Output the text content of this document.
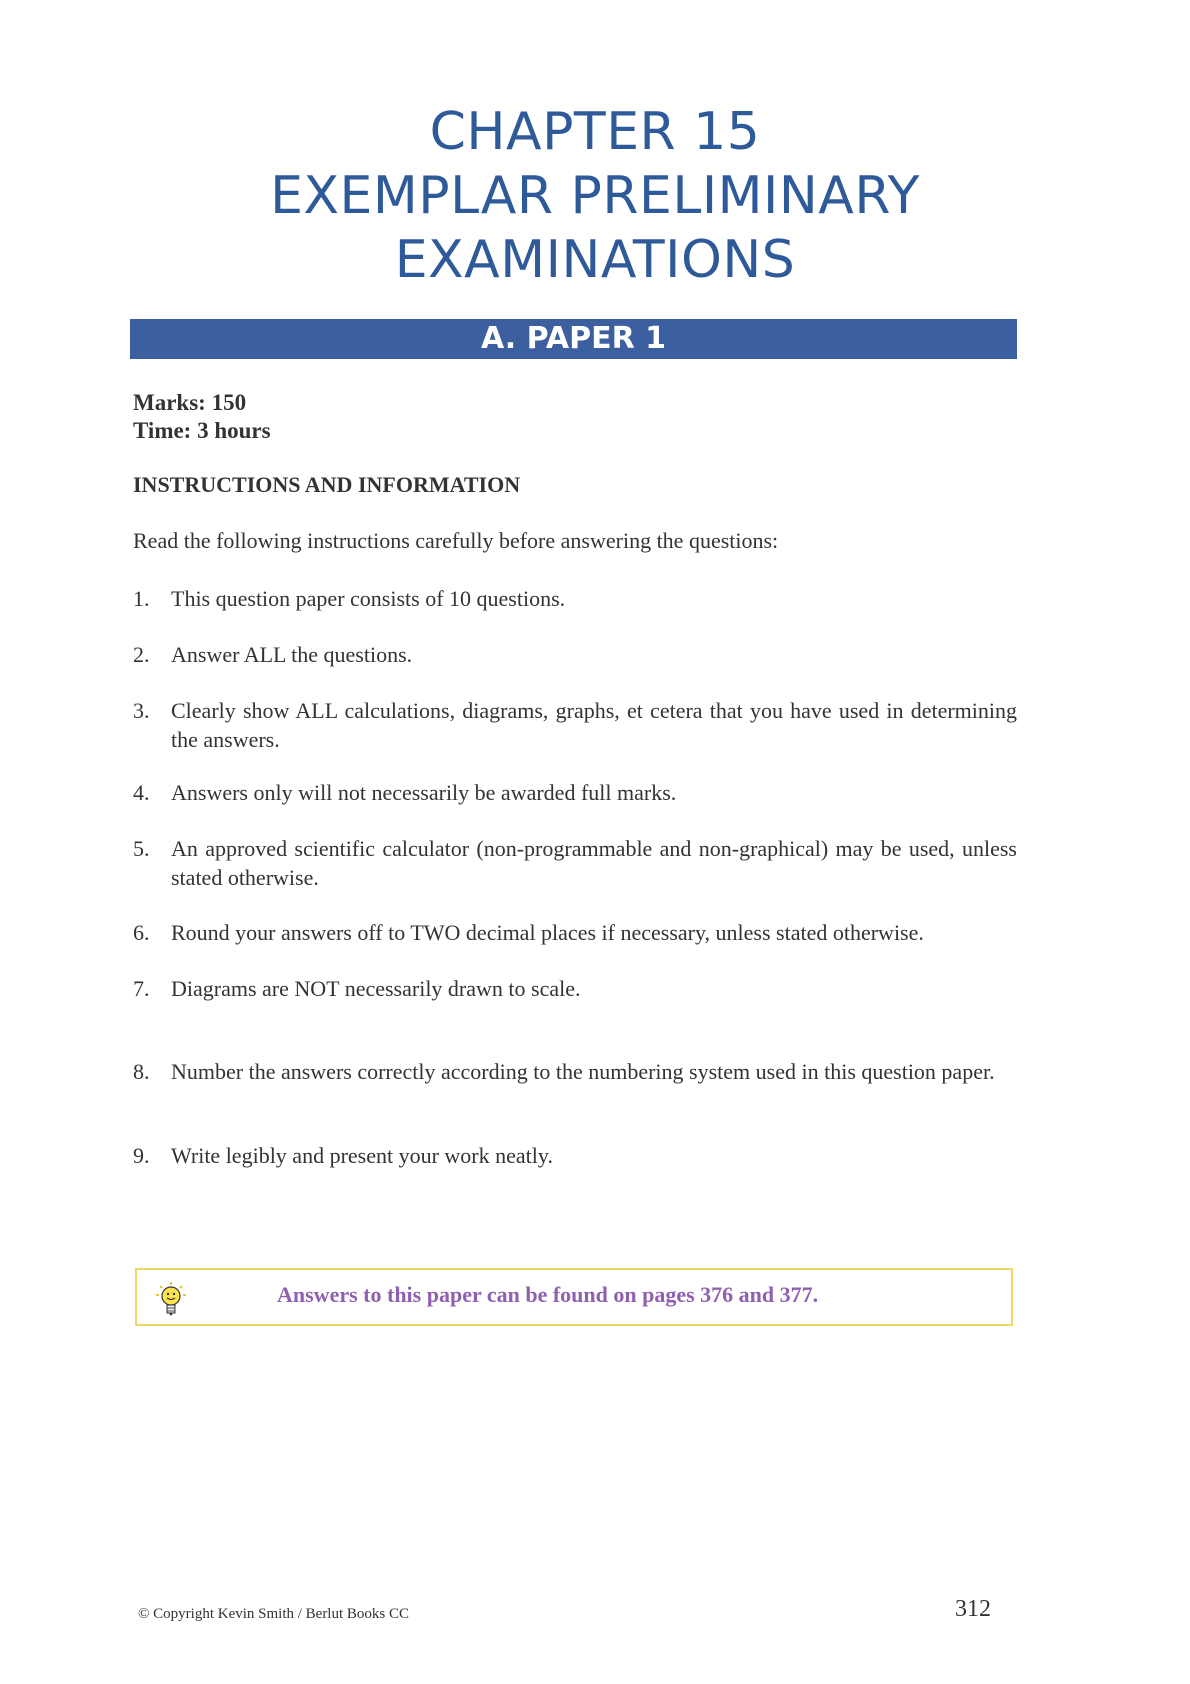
CHAPTER 15
EXEMPLAR PRELIMINARY
EXAMINATIONS
A. PAPER 1
Marks: 150
Time: 3 hours
INSTRUCTIONS AND INFORMATION
Read the following instructions carefully before answering the questions:
1. This question paper consists of 10 questions.
2. Answer ALL the questions.
3. Clearly show ALL calculations, diagrams, graphs, et cetera that you have used in determining the answers.
4. Answers only will not necessarily be awarded full marks.
5. An approved scientific calculator (non-programmable and non-graphical) may be used, unless stated otherwise.
6. Round your answers off to TWO decimal places if necessary, unless stated otherwise.
7. Diagrams are NOT necessarily drawn to scale.
8. Number the answers correctly according to the numbering system used in this question paper.
9. Write legibly and present your work neatly.
Answers to this paper can be found on pages 376 and 377.
© Copyright Kevin Smith / Berlut Books CC	312
